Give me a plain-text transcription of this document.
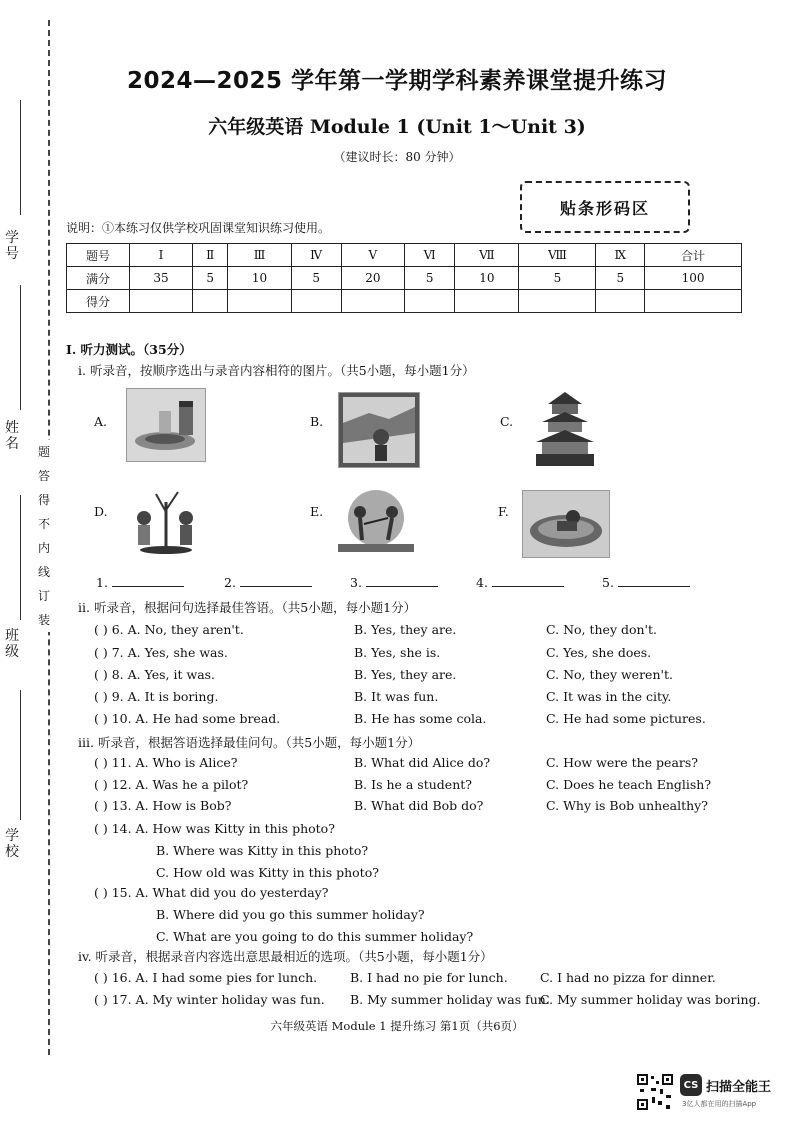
学号
姓名
班级
学校
题
答
得
不
内
线
订
装
2024—2025 学年第一学期学科素养课堂提升练习
六年级英语 Module 1 (Unit 1～Unit 3)
（建议时长：80 分钟）
贴条形码区
说明：①本练习仅供学校巩固课堂知识练习使用。
题号	Ⅰ	Ⅱ	Ⅲ	Ⅳ	Ⅴ	Ⅵ	Ⅶ	Ⅷ	Ⅸ	合计
满分	35	5	10	5	20	5	10	5	5	100
得分										
I. 听力测试。（35分）
i. 听录音，按顺序选出与录音内容相符的图片。（共5小题，每小题1分）
A.	B.	C.
D.	E.	F.
1.	2.	3.	4.	5.
ii. 听录音，根据问句选择最佳答语。（共5小题，每小题1分）
( ) 6. A. No, they aren't.	B. Yes, they are.	C. No, they don't.
( ) 7. A. Yes, she was.	B. Yes, she is.	C. Yes, she does.
( ) 8. A. Yes, it was.	B. Yes, they are.	C. No, they weren't.
( ) 9. A. It is boring.	B. It was fun.	C. It was in the city.
( ) 10. A. He had some bread.	B. He has some cola.	C. He had some pictures.
iii. 听录音，根据答语选择最佳问句。（共5小题，每小题1分）
( ) 11. A. Who is Alice?	B. What did Alice do?	C. How were the pears?
( ) 12. A. Was he a pilot?	B. Is he a student?	C. Does he teach English?
( ) 13. A. How is Bob?	B. What did Bob do?	C. Why is Bob unhealthy?
( ) 14. A. How was Kitty in this photo?
B. Where was Kitty in this photo?
C. How old was Kitty in this photo?
( ) 15. A. What did you do yesterday?
B. Where did you go this summer holiday?
C. What are you going to do this summer holiday?
iv. 听录音，根据录音内容选出意思最相近的选项。（共5小题，每小题1分）
( ) 16. A. I had some pies for lunch.	B. I had no pie for lunch.	C. I had no pizza for dinner.
( ) 17. A. My winter holiday was fun. B. My summer holiday was fun.
C. My summer holiday was boring.
六年级英语 Module 1 提升练习 第1页（共6页）
CS 扫描全能王
3亿人都在用的扫描App
